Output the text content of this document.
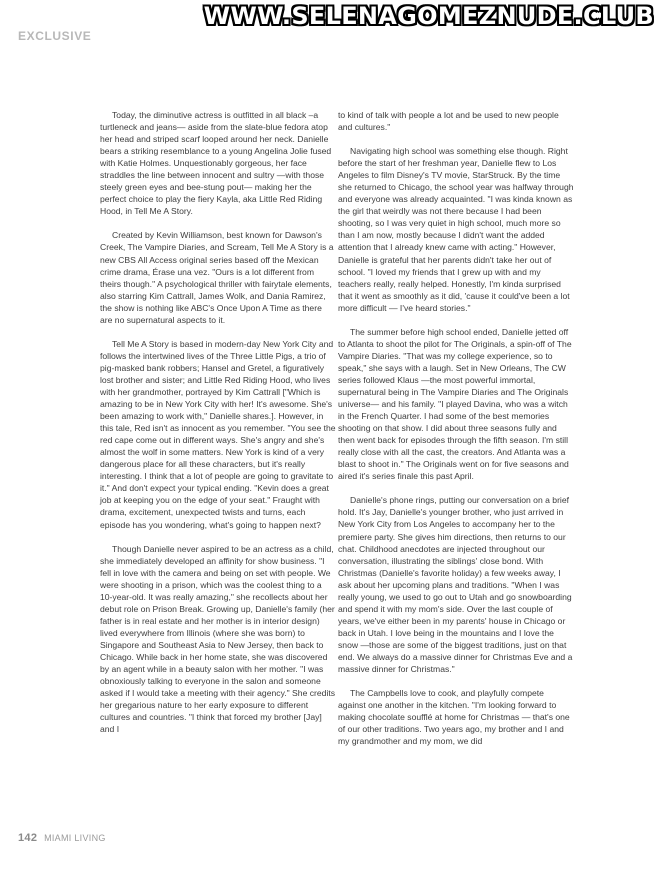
EXCLUSIVE
WWW.SELENAGOMEZNUDE.CLUB

Today, the diminutive actress is outfitted in all black –a turtleneck and jeans— aside from the slate-blue fedora atop her head and striped scarf looped around her neck. Danielle bears a striking resemblance to a young Angelina Jolie fused with Katie Holmes. Unquestionably gorgeous, her face straddles the line between innocent and sultry —with those steely green eyes and bee-stung pout— making her the perfect choice to play the fiery Kayla, aka Little Red Riding Hood, in Tell Me A Story.

Created by Kevin Williamson, best known for Dawson's Creek, The Vampire Diaries, and Scream, Tell Me A Story is a new CBS All Access original series based off the Mexican crime drama, Érase una vez. "Ours is a lot different from theirs though." A psychological thriller with fairytale elements, also starring Kim Cattrall, James Wolk, and Dania Ramirez, the show is nothing like ABC's Once Upon A Time as there are no supernatural aspects to it.

Tell Me A Story is based in modern-day New York City and follows the intertwined lives of the Three Little Pigs, a trio of pig-masked bank robbers; Hansel and Gretel, a figuratively lost brother and sister; and Little Red Riding Hood, who lives with her grandmother, portrayed by Kim Cattrall ["Which is amazing to be in New York City with her! It's awesome. She's been amazing to work with," Danielle shares.]. However, in this tale, Red isn't as innocent as you remember. "You see the red cape come out in different ways. She's angry and she's almost the wolf in some matters. New York is kind of a very dangerous place for all these characters, but it's really interesting. I think that a lot of people are going to gravitate to it." And don't expect your typical ending. "Kevin does a great job at keeping you on the edge of your seat." Fraught with drama, excitement, unexpected twists and turns, each episode has you wondering, what's going to happen next?

Though Danielle never aspired to be an actress as a child, she immediately developed an affinity for show business. "I fell in love with the camera and being on set with people. We were shooting in a prison, which was the coolest thing to a 10-year-old. It was really amazing," she recollects about her debut role on Prison Break. Growing up, Danielle's family (her father is in real estate and her mother is in interior design) lived everywhere from Illinois (where she was born) to Singapore and Southeast Asia to New Jersey, then back to Chicago. While back in her home state, she was discovered by an agent while in a beauty salon with her mother. "I was obnoxiously talking to everyone in the salon and someone asked if I would take a meeting with their agency." She credits her gregarious nature to her early exposure to different cultures and countries. "I think that forced my brother [Jay] and I

to kind of talk with people a lot and be used to new people and cultures."

Navigating high school was something else though. Right before the start of her freshman year, Danielle flew to Los Angeles to film Disney's TV movie, StarStruck. By the time she returned to Chicago, the school year was halfway through and everyone was already acquainted. "I was kinda known as the girl that weirdly was not there because I had been shooting, so I was very quiet in high school, much more so than I am now, mostly because I didn't want the added attention that I already knew came with acting." However, Danielle is grateful that her parents didn't take her out of school. "I loved my friends that I grew up with and my teachers really, really helped. Honestly, I'm kinda surprised that it went as smoothly as it did, 'cause it could've been a lot more difficult — I've heard stories."

The summer before high school ended, Danielle jetted off to Atlanta to shoot the pilot for The Originals, a spin-off of The Vampire Diaries. "That was my college experience, so to speak," she says with a laugh. Set in New Orleans, The CW series followed Klaus —the most powerful immortal, supernatural being in The Vampire Diaries and The Originals universe— and his family. "I played Davina, who was a witch in the French Quarter. I had some of the best memories shooting on that show. I did about three seasons fully and then went back for episodes through the fifth season. I'm still really close with all the cast, the creators. And Atlanta was a blast to shoot in." The Originals went on for five seasons and aired it's series finale this past April.

Danielle's phone rings, putting our conversation on a brief hold. It's Jay, Danielle's younger brother, who just arrived in New York City from Los Angeles to accompany her to the premiere party. She gives him directions, then returns to our chat. Childhood anecdotes are injected throughout our conversation, illustrating the siblings' close bond. With Christmas (Danielle's favorite holiday) a few weeks away, I ask about her upcoming plans and traditions. "When I was really young, we used to go out to Utah and go snowboarding and spend it with my mom's side. Over the last couple of years, we've either been in my parents' house in Chicago or back in Utah. I love being in the mountains and I love the snow —those are some of the biggest traditions, just on that end. We always do a massive dinner for Christmas Eve and a massive dinner for Christmas."

The Campbells love to cook, and playfully compete against one another in the kitchen. "I'm looking forward to making chocolate soufflé at home for Christmas — that's one of our other traditions. Two years ago, my brother and I and my grandmother and my mom, we did

142 MIAMI LIVING
